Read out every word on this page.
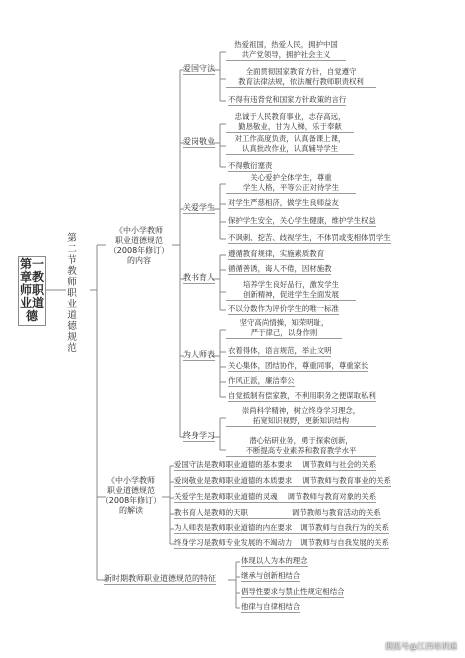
第一章教师职业道德
第二节教师职业道德规范
《中小学教师
职业道德规范
（2008年修订）
的内容
爱国守法
爱岗敬业
关爱学生
教书育人
为人师表
终身学习
热爱祖国，热爱人民，拥护中国
共产党领导，拥护社会主义
全面贯彻国家教育方针，自觉遵守
教育法律法规，依法履行教师职责权利
不得有违背党和国家方针政策的言行
忠诚于人民教育事业，志存高远，
勤恳敬业，甘为人梯，乐于奉献
对工作高度负责，认真备课上课，
认真批改作业，认真辅导学生
不得敷衍塞责
关心爱护全体学生，尊重
学生人格，平等公正对待学生
对学生严慈相济，做学生良师益友
保护学生安全，关心学生健康，维护学生权益
不讽刺、挖苦、歧视学生，不体罚或变相体罚学生
遵循教育规律，实施素质教育
循循善诱，诲人不倦，因材施教
培养学生良好品行，激发学生
创新精神，促进学生全面发展
不以分数作为评价学生的唯一标准
坚守高尚情操，知荣明耻，
严于律己，以身作则
衣着得体，语言规范，举止文明
关心集体，团结协作，尊重同事，尊重家长
作风正派，廉洁奉公
自觉抵制有偿家教，不利用职务之便谋取私利
崇尚科学精神，树立终身学习理念，
拓宽知识视野，更新知识结构
潜心钻研业务，勇于探索创新，
不断提高专业素养和教育教学水平
《中小学教师
职业道德规范
（2008年修订）
的解读
爱国守法是教师职业道德的基本要求 调节教师与社会的关系
爱岗敬业是教师职业道德的本质要求 调节教师与教育事业的关系
关爱学生是教师职业道德的灵魂 调节教师与教育对象的关系
教书育人是教师的天职	调节教师与教育活动的关系
为人师表是教师职业道德的内在要求 调节教师与自我行为的关系
终身学习是教师专业发展的不竭动力 调节教师与自我发展的关系
新时期教师职业道德规范的特征
体现以人为本的理念
继承与创新相结合
倡导性要求与禁止性规定相结合
他律与自律相结合
搜狐号@江西培训通
